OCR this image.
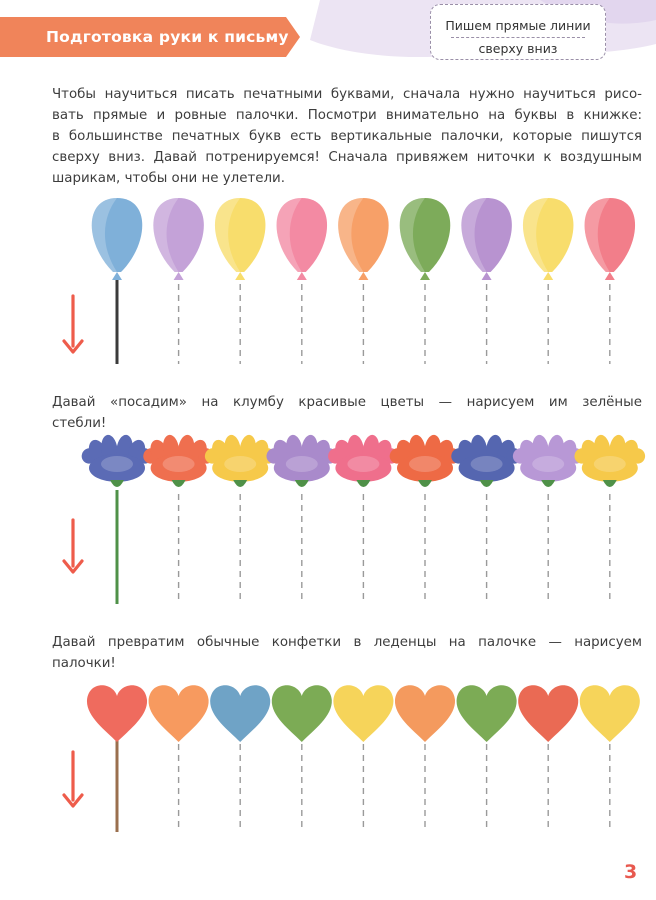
Подготовка руки к письму
Пишем прямые линии
сверху вниз
Чтобы научиться писать печатными буквами, сначала нужно научиться рисо-
вать прямые и ровные палочки. Посмотри внимательно на буквы в книжке:
в большинстве печатных букв есть вертикальные палочки, которые пишутся
сверху вниз. Давай потренируемся! Сначала привяжем ниточки к воздушным
шарикам, чтобы они не улетели.
Давай «посадим» на клумбу красивые цветы — нарисуем им зелёные
стебли!
Давай превратим обычные конфетки в леденцы на палочке — нарисуем
палочки!
3
